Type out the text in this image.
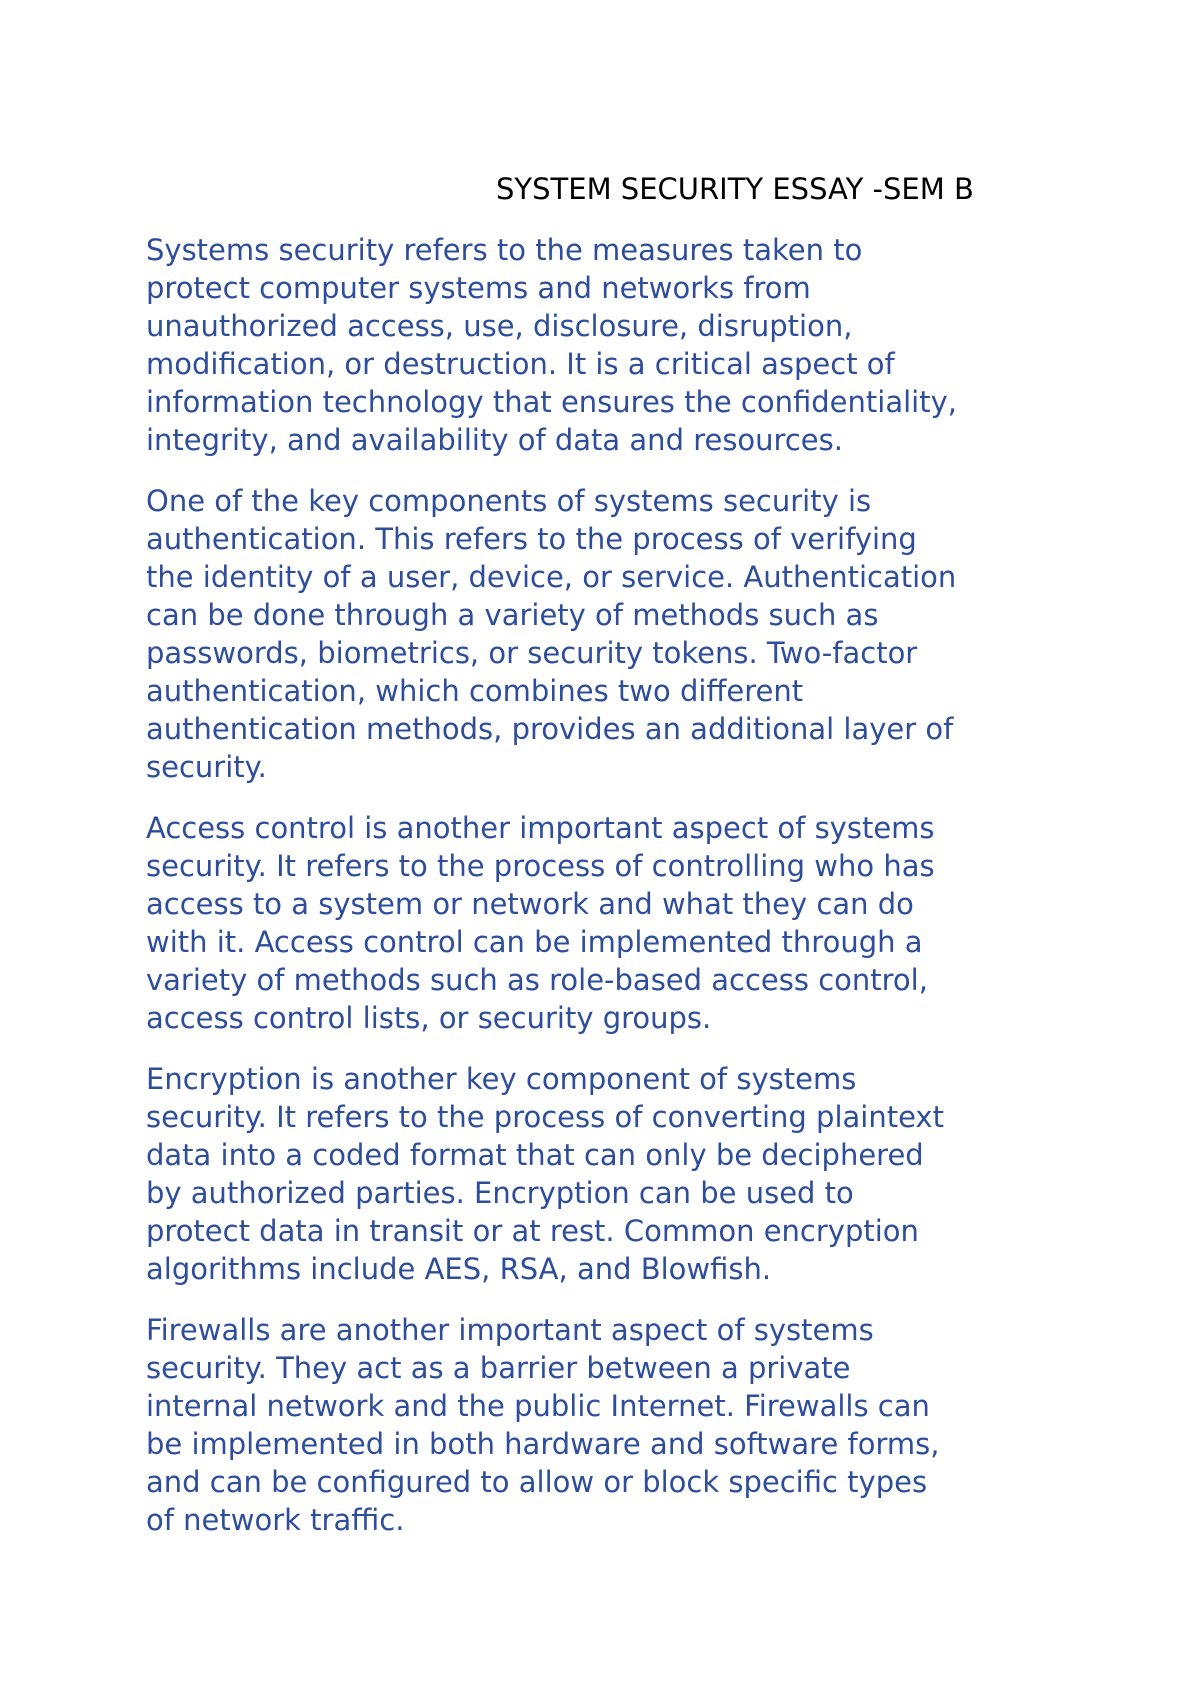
SYSTEM SECURITY ESSAY -SEM B

Systems security refers to the measures taken to
protect computer systems and networks from
unauthorized access, use, disclosure, disruption,
modification, or destruction. It is a critical aspect of
information technology that ensures the confidentiality,
integrity, and availability of data and resources.

One of the key components of systems security is
authentication. This refers to the process of verifying
the identity of a user, device, or service. Authentication
can be done through a variety of methods such as
passwords, biometrics, or security tokens. Two-factor
authentication, which combines two different
authentication methods, provides an additional layer of
security.

Access control is another important aspect of systems
security. It refers to the process of controlling who has
access to a system or network and what they can do
with it. Access control can be implemented through a
variety of methods such as role-based access control,
access control lists, or security groups.

Encryption is another key component of systems
security. It refers to the process of converting plaintext
data into a coded format that can only be deciphered
by authorized parties. Encryption can be used to
protect data in transit or at rest. Common encryption
algorithms include AES, RSA, and Blowfish.

Firewalls are another important aspect of systems
security. They act as a barrier between a private
internal network and the public Internet. Firewalls can
be implemented in both hardware and software forms,
and can be configured to allow or block specific types
of network traffic.
